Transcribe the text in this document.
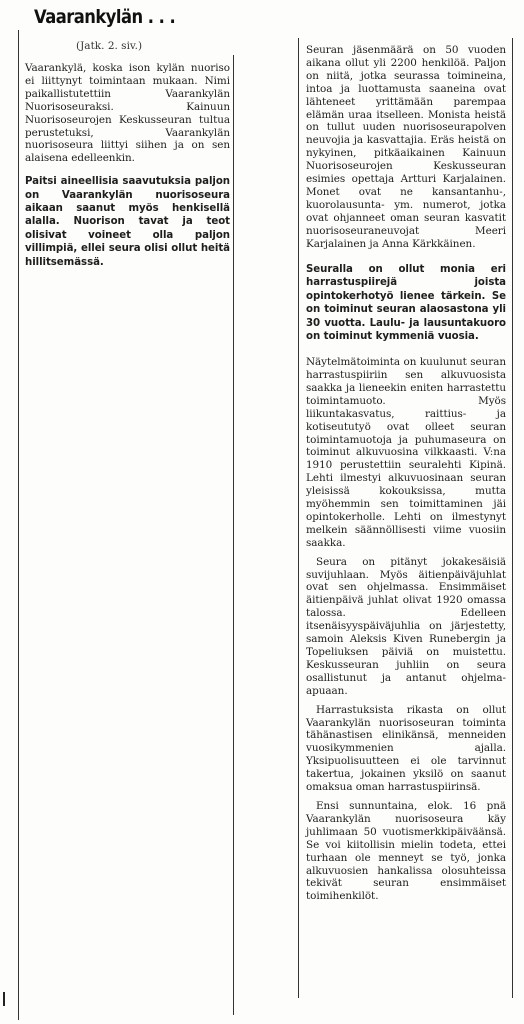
Vaarankylän . . .
(Jatk. 2. siv.)

Vaarankylä, koska ison kylän nuoriso ei liittynyt toimintaan mukaan. Nimi paikallistutettiin Vaarankylän Nuorisoseuraksi. Kainuun Nuorisoseurojen Keskusseuran tultua perustetuksi, Vaarankylän nuorisoseura liittyi siihen ja on sen alaisena edelleenkin.

Paitsi aineellisia saavutuksia paljon on Vaarankylän nuorisoseura aikaan saanut myös henkisellä alalla. Nuorison tavat ja teot olisivat voineet olla paljon villimpiä, ellei seura olisi ollut heitä hillitsemässä.

Seuran jäsenmäärä on 50 vuoden aikana ollut yli 2200 henkilöä. Paljon on niitä, jotka seurassa toimineina, intoa ja luottamusta saaneina ovat lähteneet yrittämään parempaa elämän uraa itselleen. Monista heistä on tullut uuden nuorisoseurapolven neuvojia ja kasvattajia. Eräs heistä on nykyinen, pitkäaikainen Kainuun Nuorisoseurojen Keskusseuran esimies opettaja Artturi Karjalainen. Monet ovat ne kansantanhu-, kuorolausunta- ym. numerot, jotka ovat ohjanneet oman seuran kasvatit nuorisoseuraneuvojat Meeri Karjalainen ja Anna Kärkkäinen.

Seuralla on ollut monia eri harrastuspiirejä joista opintokerhotyö lienee tärkein. Se on toiminut seuran alaosastona yli 30 vuotta. Laulu- ja lausuntakuoro on toiminut kymmeniä vuosia.

Näytelmätoiminta on kuulunut seuran harrastuspiiriin sen alkuvuosista saakka ja lieneekin eniten harrastettu toimintamuoto. Myös liikuntakasvatus, raittius- ja kotiseututyö ovat olleet seuran toimintamuotoja ja puhumaseura on toiminut alkuvuosina vilkkaasti. V:na 1910 perustettiin seuralehti Kipinä. Lehti ilmestyi alkuvuosinaan seuran yleisissä kokouksissa, mutta myöhemmin sen toimittaminen jäi opintokerholle. Lehti on ilmestynyt melkein säännöllisesti viime vuosiin saakka.

Seura on pitänyt jokakesäisiä suvijuhlaan. Myös äitienpäiväjuhlat ovat sen ohjelmassa. Ensimmäiset äitienpäivä juhlat olivat 1920 omassa talossa. Edelleen itsenäisyyspäiväjuhlia on järjestetty, samoin Aleksis Kiven Runebergin ja Topeliuksen päiviä on muistettu. Keskusseuran juhliin on seura osallistunut ja antanut ohjelma-apuaan.

Harrastuksista rikasta on ollut Vaarankylän nuorisoseuran toiminta tähänastisen elinikänsä, menneiden vuosikymmenien ajalla. Yksipuolisuutteen ei ole tarvinnut takertua, jokainen yksilö on saanut omaksua oman harrastuspiirinsä.

Ensi sunnuntaina, elok. 16 pnä Vaarankylän nuorisoseura käy juhlimaan 50 vuotismerkkipäiväänsä. Se voi kiitollisin mielin todeta, ettei turhaan ole menneyt se työ, jonka alkuvuosien hankalissa olosuhteissa tekivät seuran ensimmäiset toimihenkilöt.
